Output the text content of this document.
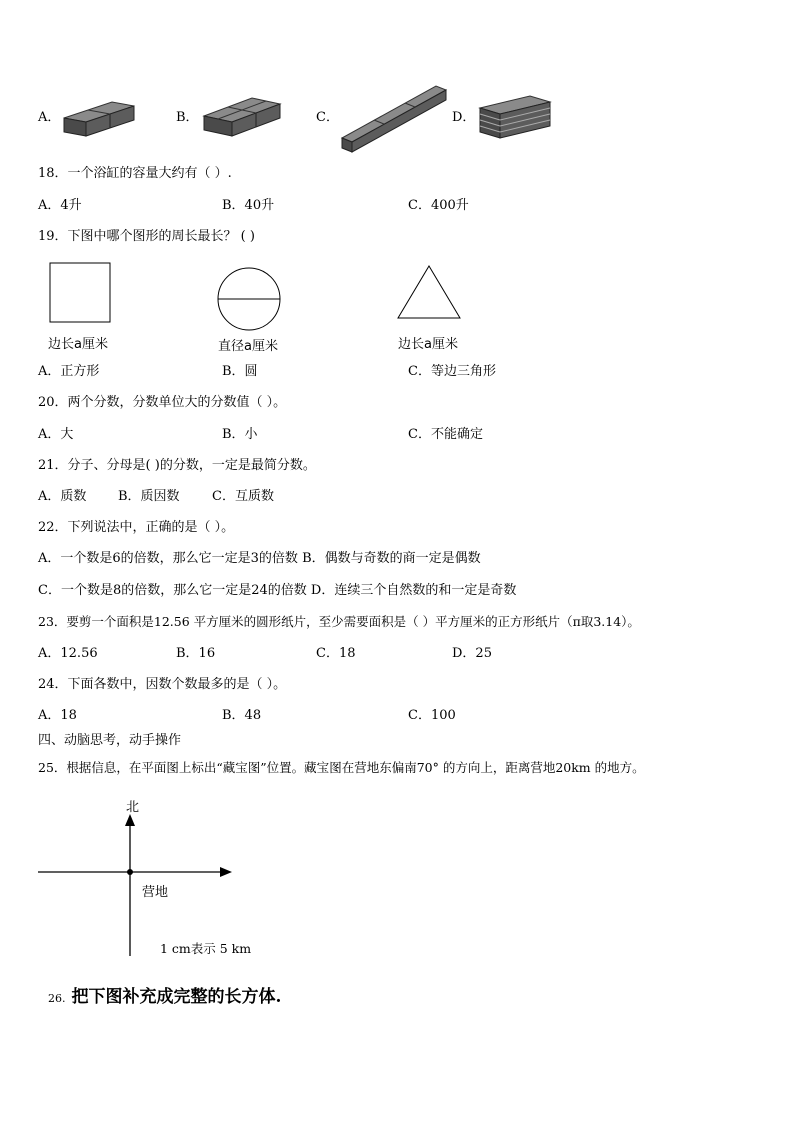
A．	B．	C．	D．
18．一个浴缸的容量大约有（ ）.
A．4升	B．40升	C．400升
19．下图中哪个图形的周长最长？ ( )
边长a厘米	直径a厘米	边长a厘米
A．正方形	B．圆	C．等边三角形
20．两个分数，分数单位大的分数值（ ）。
A．大	B．小	C．不能确定
21．分子、分母是( )的分数，一定是最简分数。
A．质数 B．质因数 C．互质数
22．下列说法中，正确的是（ ）。
A．一个数是6的倍数，那么它一定是3的倍数 B．偶数与奇数的商一定是偶数
C．一个数是8的倍数，那么它一定是24的倍数 D．连续三个自然数的和一定是奇数
23．要剪一个面积是12.56 平方厘米的圆形纸片，至少需要面积是（ ）平方厘米的正方形纸片（π取3.14）。
A．12.56	B．16	C．18	D．25
24．下面各数中，因数个数最多的是（ ）。
A．18	B．48	C．100
四、动脑思考，动手操作
25．根据信息，在平面图上标出“藏宝图”位置。藏宝图在营地东偏南70° 的方向上，距离营地20km 的地方。
北
营地
1 cm表示 5 km
26. 把下图补充成完整的长方体.
